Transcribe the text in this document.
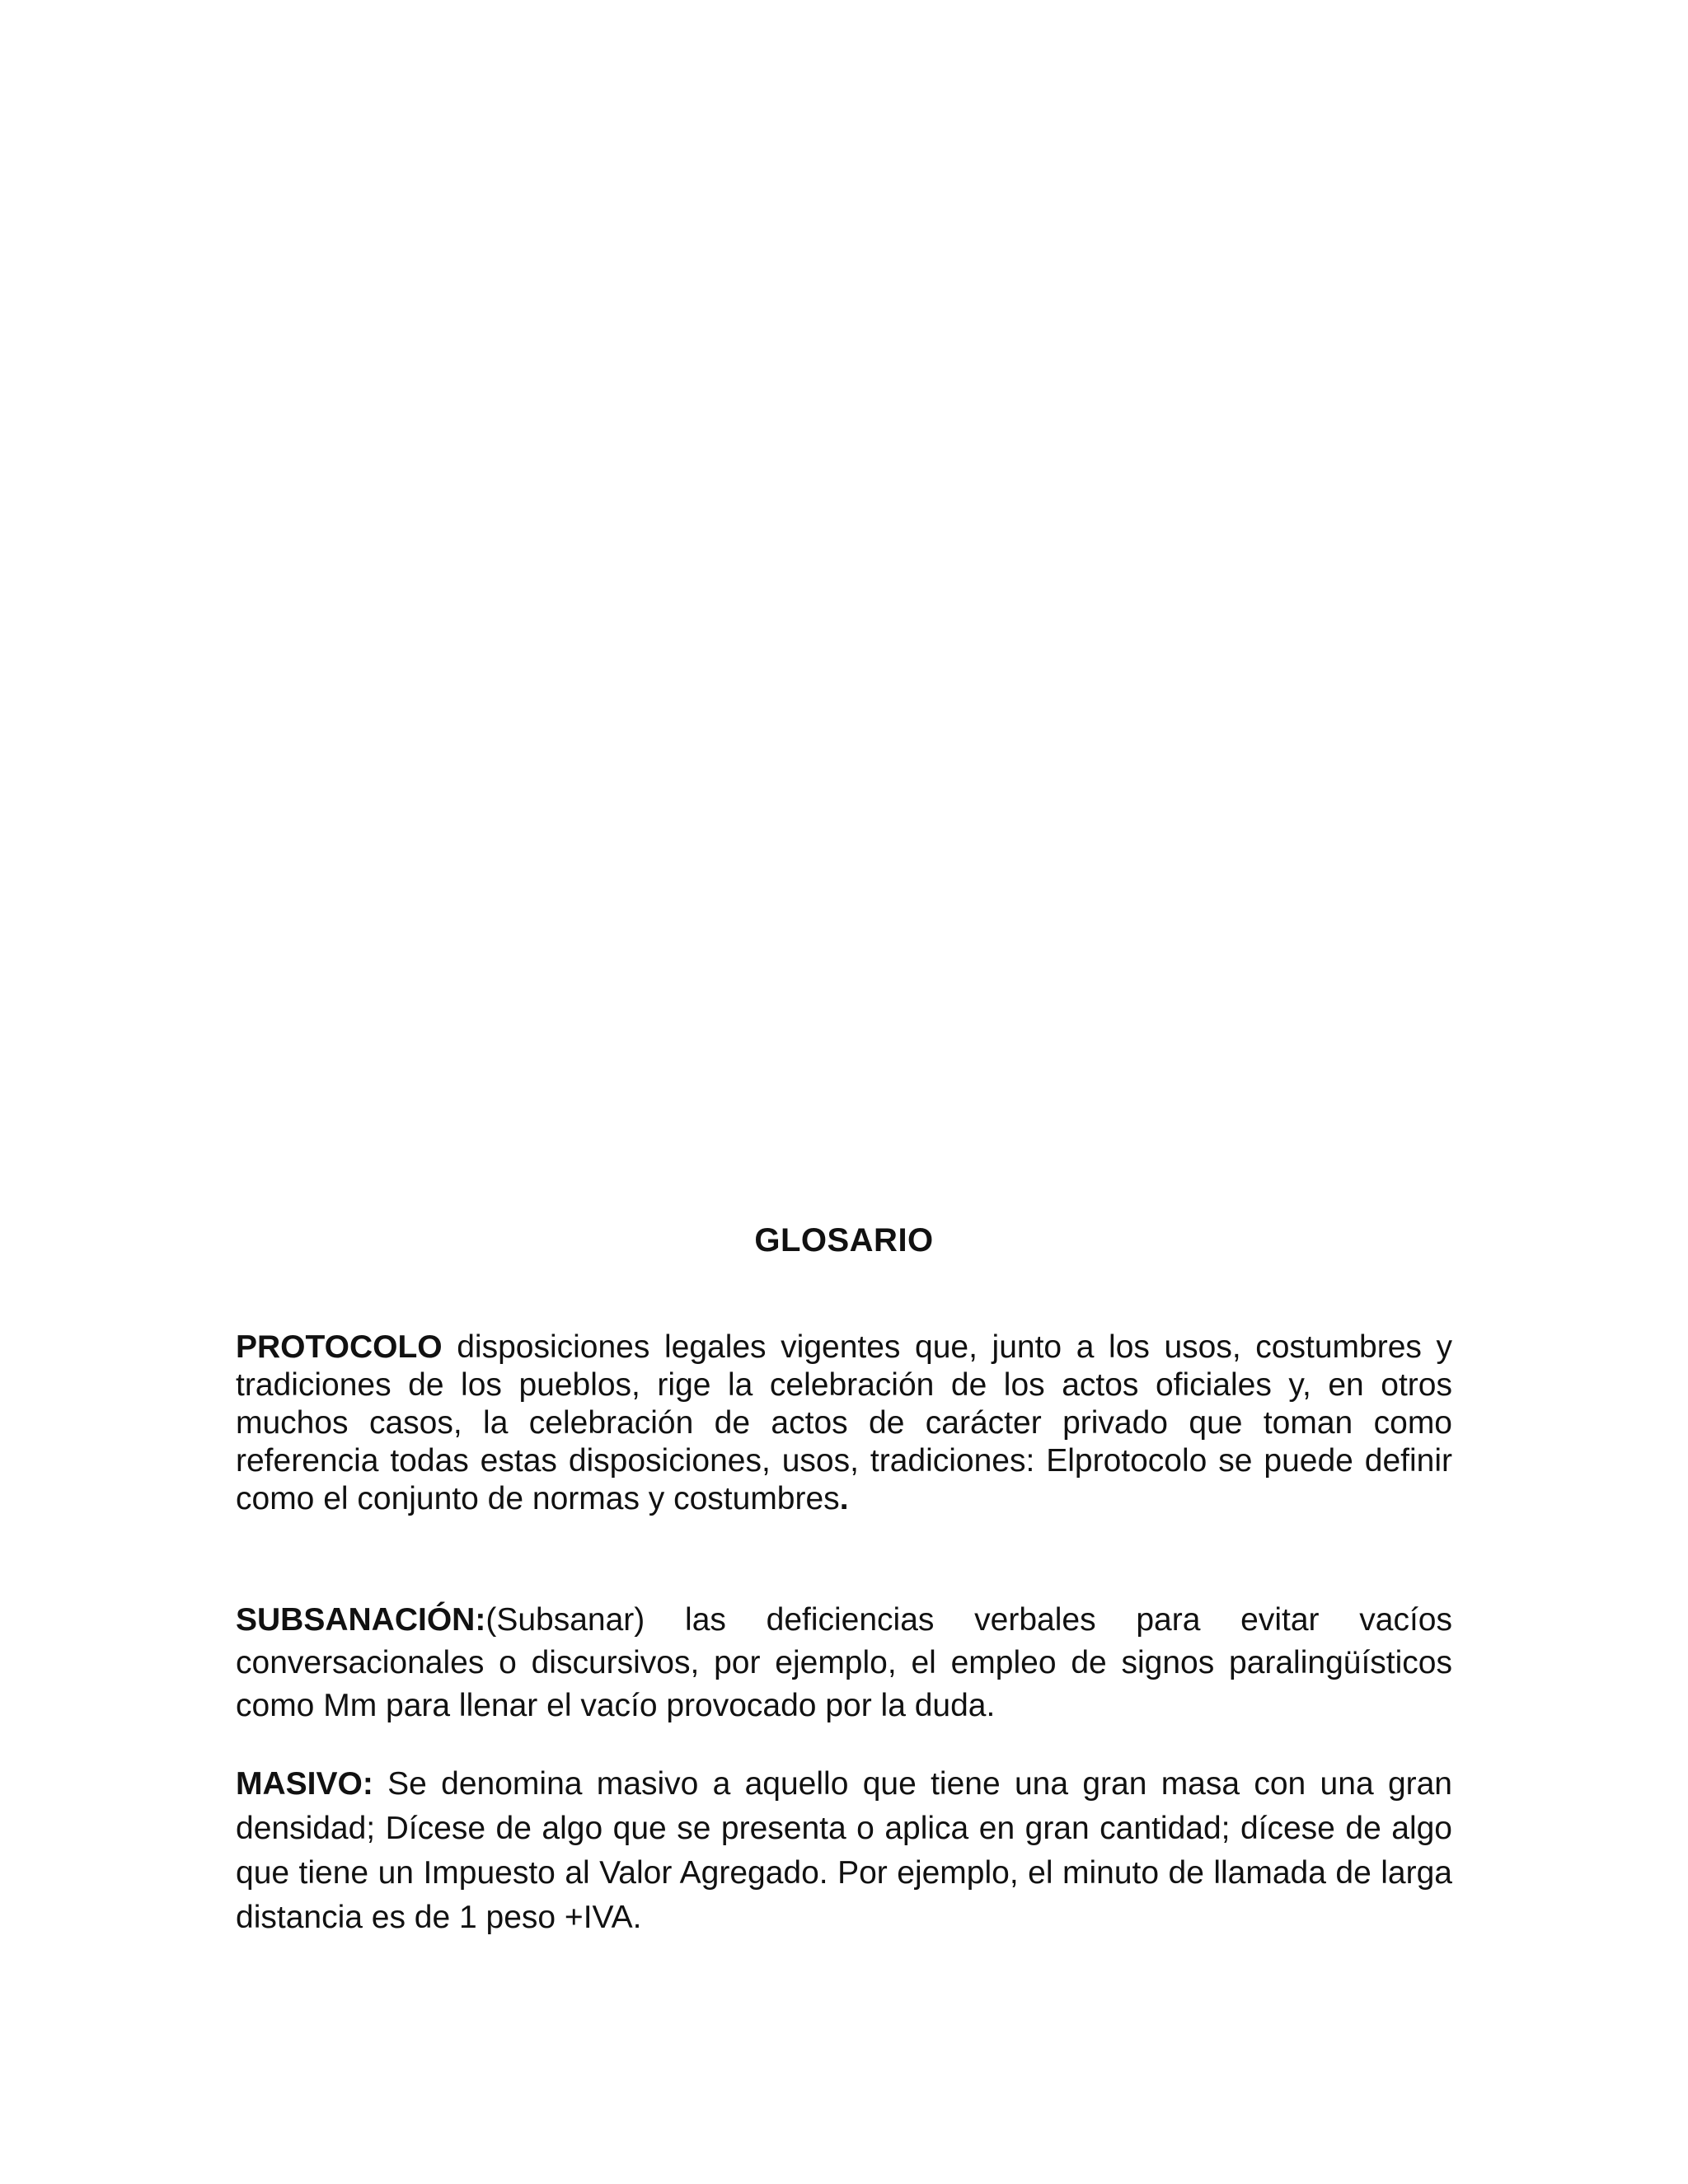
GLOSARIO

PROTOCOLO disposiciones legales vigentes que, junto a los usos, costumbres y tradiciones de los pueblos, rige la celebración de los actos oficiales y, en otros muchos casos, la celebración de actos de carácter privado que toman como referencia todas estas disposiciones, usos, tradiciones: Elprotocolo se puede definir como el conjunto de normas y costumbres.

SUBSANACIÓN:(Subsanar) las deficiencias verbales para evitar vacíos conversacionales o discursivos, por ejemplo, el empleo de signos paralingüísticos como Mm para llenar el vacío provocado por la duda.

MASIVO: Se denomina masivo a aquello que tiene una gran masa con una gran densidad; Dícese de algo que se presenta o aplica en gran cantidad; dícese de algo que tiene un Impuesto al Valor Agregado. Por ejemplo, el minuto de llamada de larga distancia es de 1 peso +IVA.
